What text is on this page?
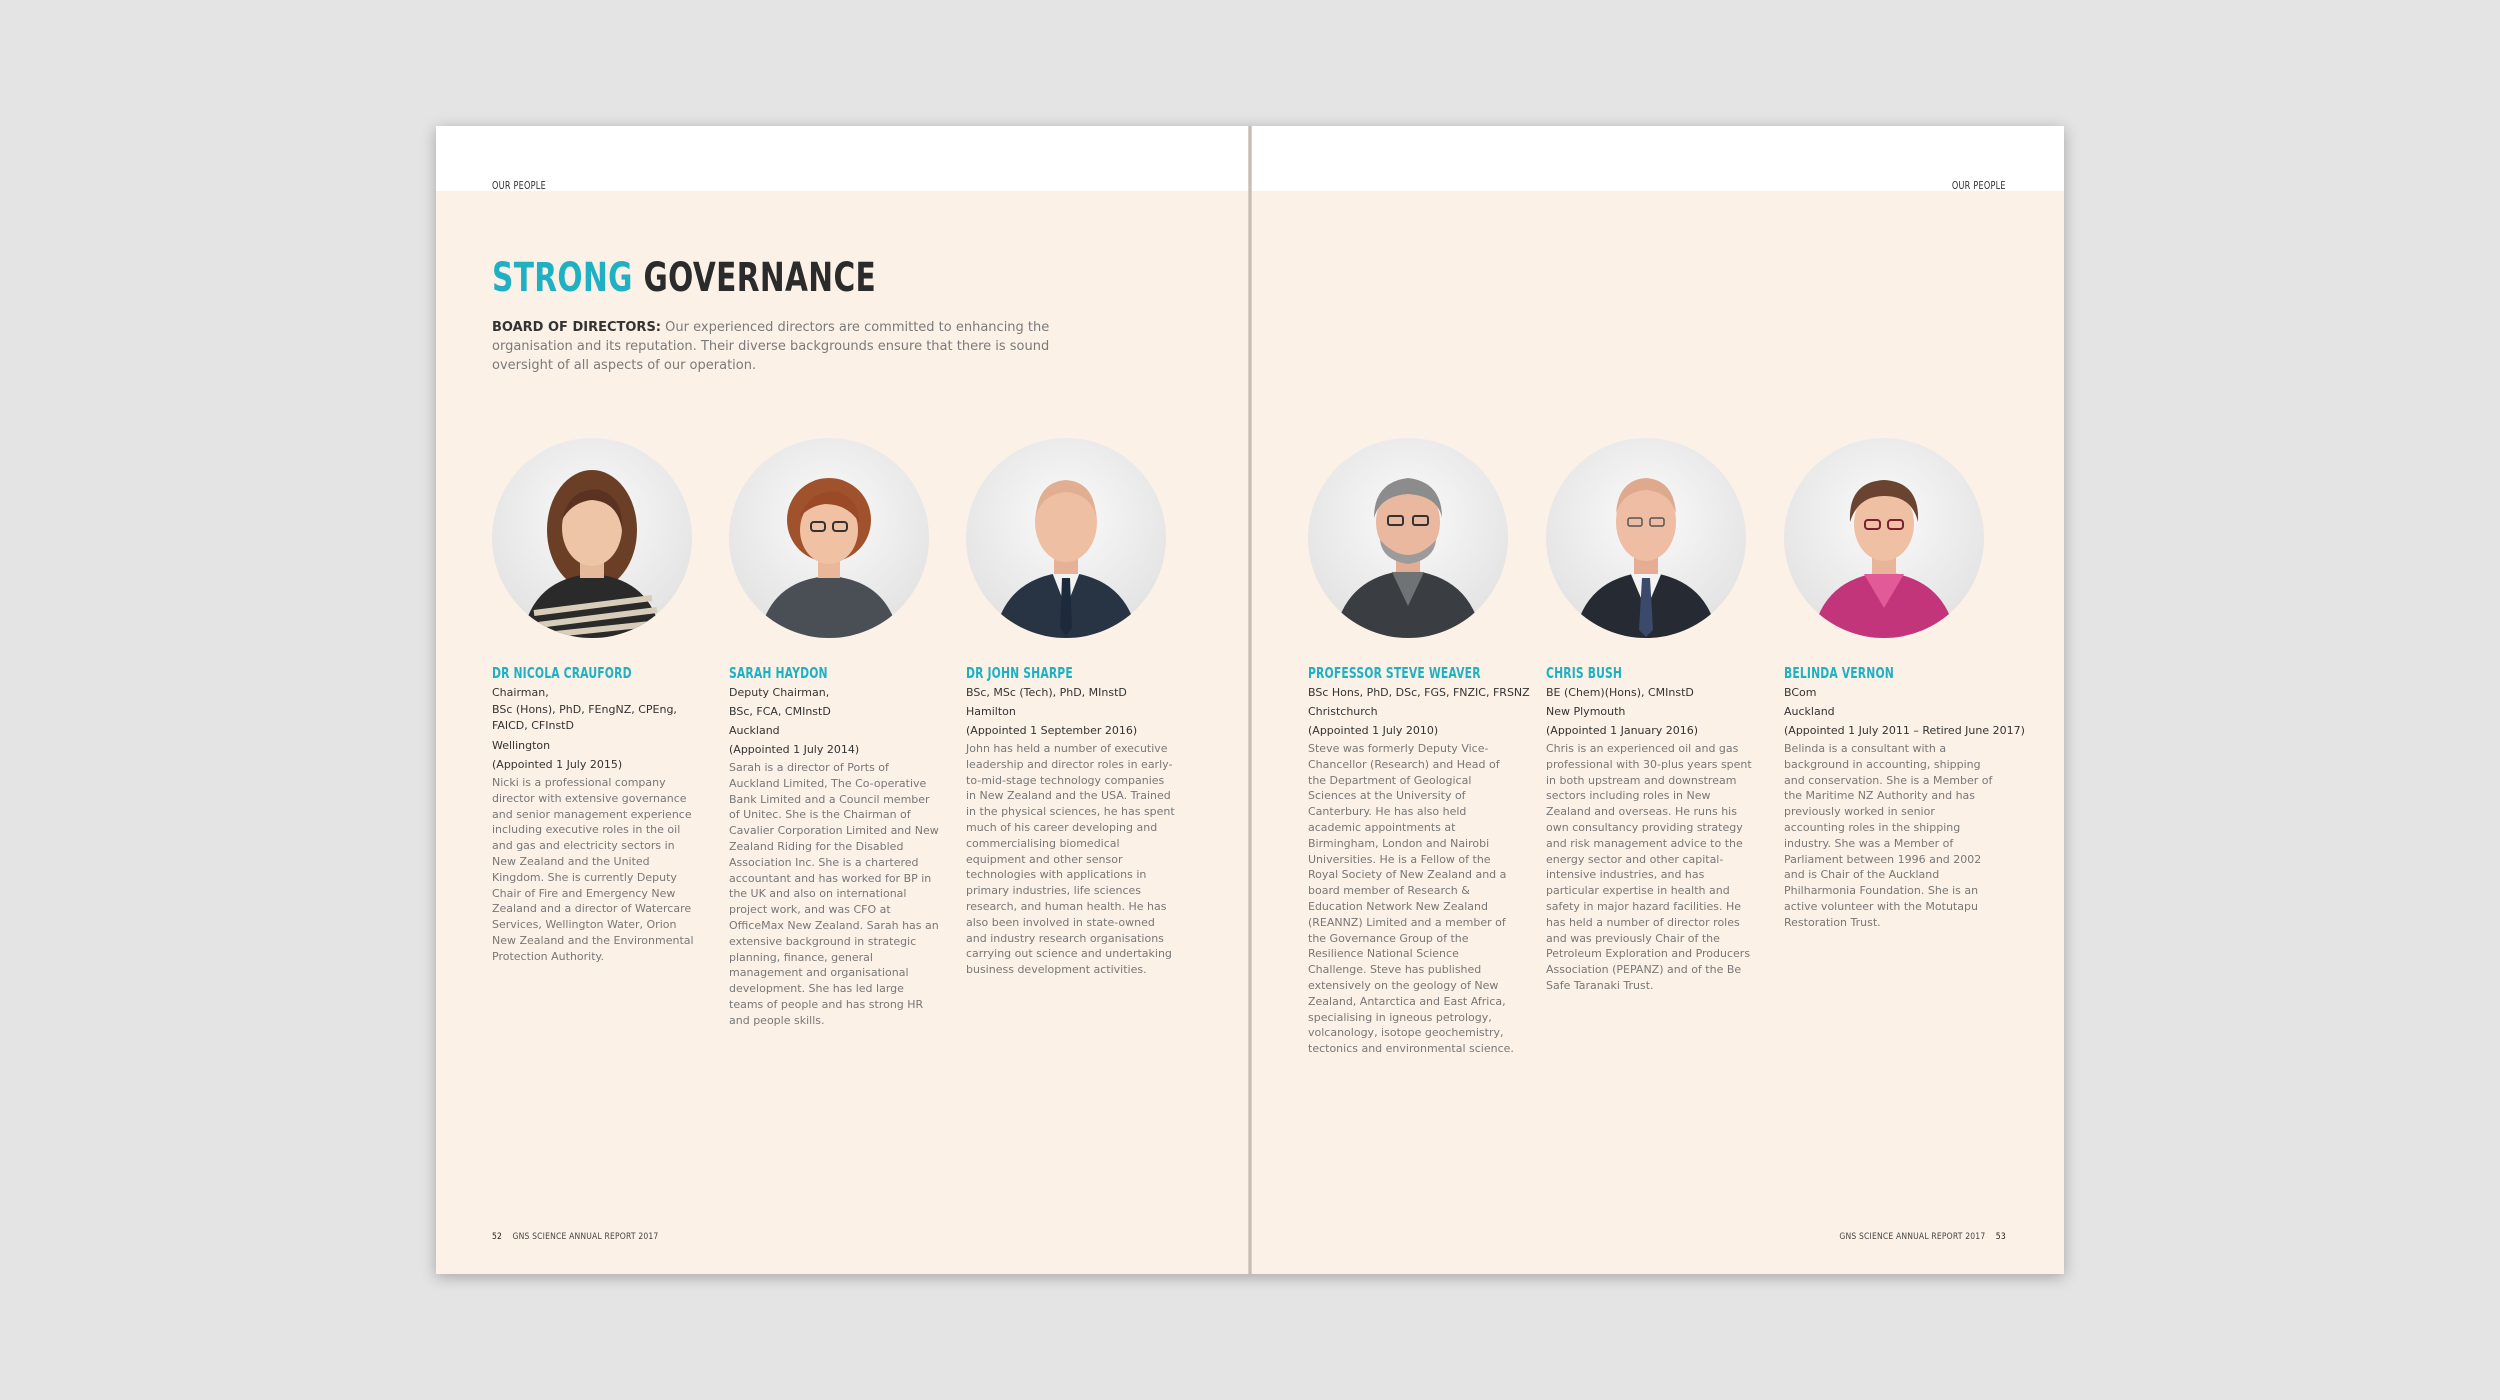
OUR PEOPLE
STRONG GOVERNANCE

BOARD OF DIRECTORS: Our experienced directors are committed to enhancing the organisation and its reputation. Their diverse backgrounds ensure that there is sound oversight of all aspects of our operation.

DR NICOLA CRAUFORD
Chairman,
BSc (Hons), PhD, FEngNZ, CPEng, FAICD, CFInstD
Wellington
(Appointed 1 July 2015)
Nicki is a professional company director with extensive governance and senior management experience including executive roles in the oil and gas and electricity sectors in New Zealand and the United Kingdom. She is currently Deputy Chair of Fire and Emergency New Zealand and a director of Watercare Services, Wellington Water, Orion New Zealand and the Environmental Protection Authority.
SARAH HAYDON
Deputy Chairman,
BSc, FCA, CMInstD
Auckland
(Appointed 1 July 2014)
Sarah is a director of Ports of Auckland Limited, The Co-operative Bank Limited and a Council member of Unitec. She is the Chairman of Cavalier Corporation Limited and New Zealand Riding for the Disabled Association Inc. She is a chartered accountant and has worked for BP in the UK and also on international project work, and was CFO at OfficeMax New Zealand. Sarah has an extensive background in strategic planning, finance, general management and organisational development. She has led large teams of people and has strong HR and people skills.
DR JOHN SHARPE
BSc, MSc (Tech), PhD, MInstD
Hamilton
(Appointed 1 September 2016)
John has held a number of executive leadership and director roles in early-to-mid-stage technology companies in New Zealand and the USA. Trained in the physical sciences, he has spent much of his career developing and commercialising biomedical equipment and other sensor technologies with applications in primary industries, life sciences research, and human health. He has also been involved in state-owned and industry research organisations carrying out science and undertaking business development activities.
52 GNS SCIENCE ANNUAL REPORT 2017
OUR PEOPLE
PROFESSOR STEVE WEAVER
BSc Hons, PhD, DSc, FGS, FNZIC, FRSNZ
Christchurch
(Appointed 1 July 2010)
Steve was formerly Deputy Vice-Chancellor (Research) and Head of the Department of Geological Sciences at the University of Canterbury. He has also held academic appointments at Birmingham, London and Nairobi Universities. He is a Fellow of the Royal Society of New Zealand and a board member of Research & Education Network New Zealand (REANNZ) Limited and a member of the Governance Group of the Resilience National Science Challenge. Steve has published extensively on the geology of New Zealand, Antarctica and East Africa, specialising in igneous petrology, volcanology, isotope geochemistry, tectonics and environmental science.
CHRIS BUSH
BE (Chem)(Hons), CMInstD
New Plymouth
(Appointed 1 January 2016)
Chris is an experienced oil and gas professional with 30-plus years spent in both upstream and downstream sectors including roles in New Zealand and overseas. He runs his own consultancy providing strategy and risk management advice to the energy sector and other capital-intensive industries, and has particular expertise in health and safety in major hazard facilities. He has held a number of director roles and was previously Chair of the Petroleum Exploration and Producers Association (PEPANZ) and of the Be Safe Taranaki Trust.
BELINDA VERNON
BCom
Auckland
(Appointed 1 July 2011 – Retired June 2017)
Belinda is a consultant with a background in accounting, shipping and conservation. She is a Member of the Maritime NZ Authority and has previously worked in senior accounting roles in the shipping industry. She was a Member of Parliament between 1996 and 2002 and is Chair of the Auckland Philharmonia Foundation. She is an active volunteer with the Motutapu Restoration Trust.
GNS SCIENCE ANNUAL REPORT 2017 53
